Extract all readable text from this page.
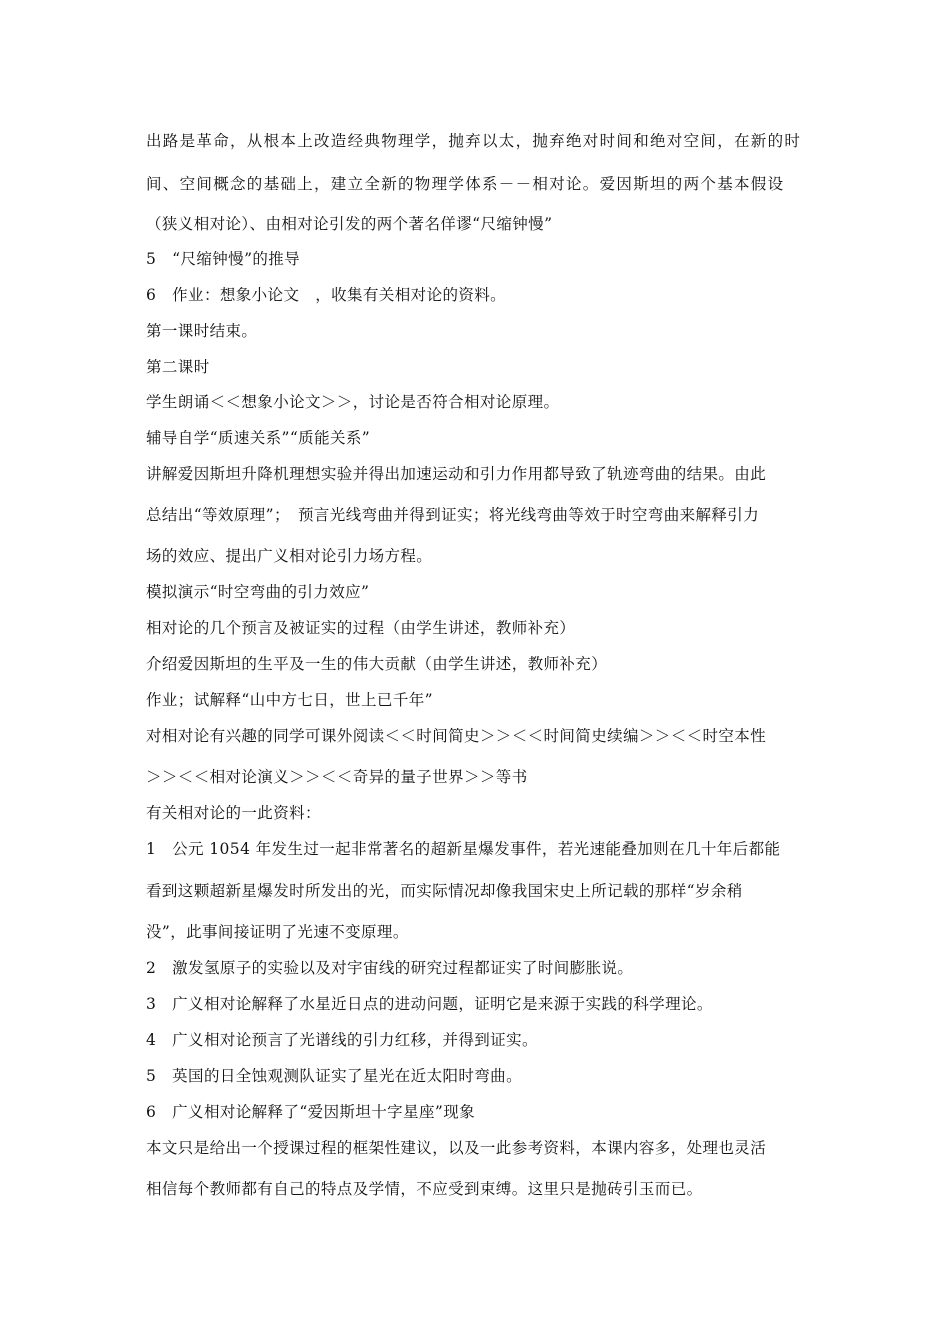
出路是革命，从根本上改造经典物理学，抛弃以太，抛弃绝对时间和绝对空间，在新的时
间、空间概念的基础上，建立全新的物理学体系－－相对论。爱因斯坦的两个基本假设
（狭义相对论）、由相对论引发的两个著名佯谬“尺缩钟慢”
5　“尺缩钟慢”的推导
6　作业：想象小论文　，收集有关相对论的资料。
第一课时结束。
第二课时
学生朗诵＜＜想象小论文＞＞，讨论是否符合相对论原理。
辅导自学“质速关系”“质能关系”
讲解爱因斯坦升降机理想实验并得出加速运动和引力作用都导致了轨迹弯曲的结果。由此
总结出“等效原理”；　预言光线弯曲并得到证实；将光线弯曲等效于时空弯曲来解释引力
场的效应、提出广义相对论引力场方程。
模拟演示“时空弯曲的引力效应”
相对论的几个预言及被证实的过程（由学生讲述，教师补充）
介绍爱因斯坦的生平及一生的伟大贡献（由学生讲述，教师补充）
作业；试解释“山中方七日，世上已千年”
对相对论有兴趣的同学可课外阅读＜＜时间简史＞＞＜＜时间简史续编＞＞＜＜时空本性
＞＞＜＜相对论演义＞＞＜＜奇异的量子世界＞＞等书
有关相对论的一此资料：
1　公元 1054 年发生过一起非常著名的超新星爆发事件，若光速能叠加则在几十年后都能
看到这颗超新星爆发时所发出的光，而实际情况却像我国宋史上所记载的那样“岁余稍
没”，此事间接证明了光速不变原理。
2　激发氢原子的实验以及对宇宙线的研究过程都证实了时间膨胀说。
3　广义相对论解释了水星近日点的进动问题，证明它是来源于实践的科学理论。
4　广义相对论预言了光谱线的引力红移，并得到证实。
5　英国的日全蚀观测队证实了星光在近太阳时弯曲。
6　广义相对论解释了“爱因斯坦十字星座”现象
本文只是给出一个授课过程的框架性建议，以及一此参考资料，本课内容多，处理也灵活
相信每个教师都有自己的特点及学情，不应受到束缚。这里只是抛砖引玉而已。
